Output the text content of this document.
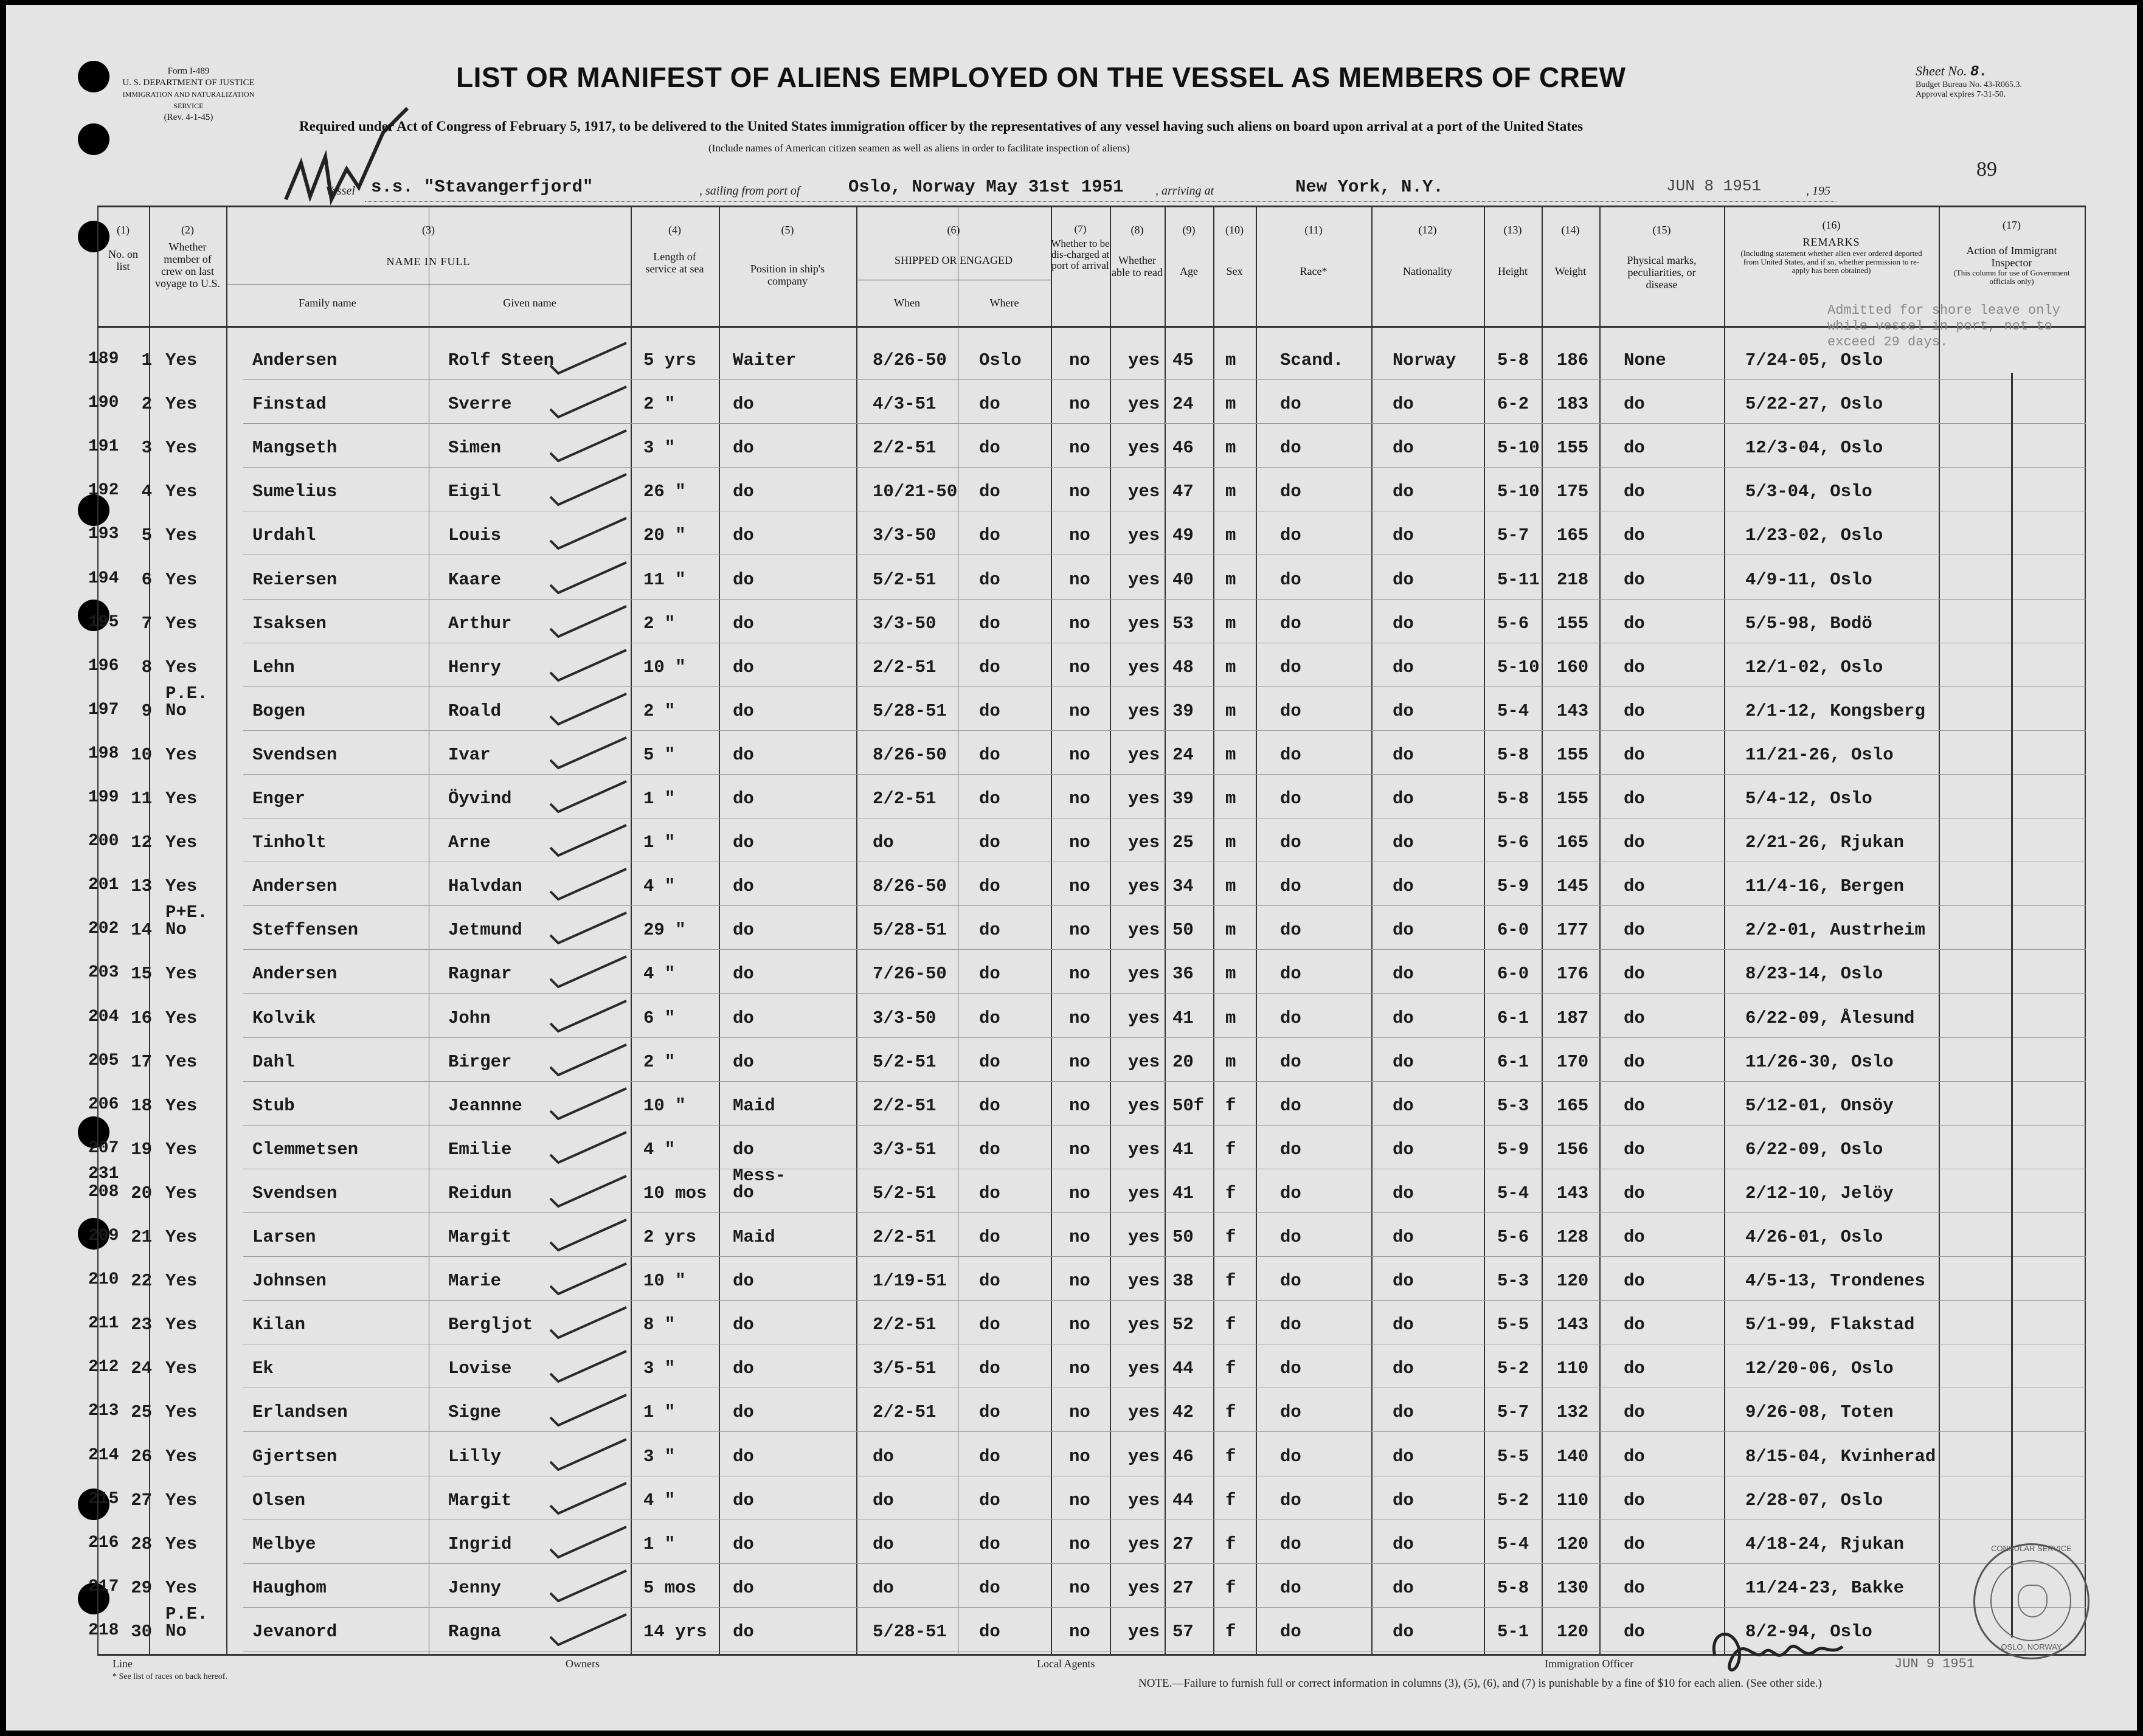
Form I-489
U. S. DEPARTMENT OF JUSTICE
IMMIGRATION AND NATURALIZATION SERVICE
(Rev. 4-1-45)
LIST OR MANIFEST OF ALIENS EMPLOYED ON THE VESSEL AS MEMBERS OF CREW	Sheet No. 8.
Budget Bureau No. 43-R065.3.
Approval expires 7-31-50.
Required under Act of Congress of February 5, 1917, to be delivered to the United States immigration officer by the representatives of any vessel having such aliens on board upon arrival at a port of the United States
(Include names of American citizen seamen as well as aliens in order to facilitate inspection of aliens)
Vessel s.s. "Stavangerfjord"	, sailing from port of	Oslo, Norway May 31st 1951	, arriving at	New York, N.Y.	JUN 8 1951	, 195
89
(1)
No. on list
(2)
Whether member of crew on last voyage to U.S.
(3)
NAME IN FULL
Family name	Given name
(4)
Length of service at sea
(5)
Position in ship's company
(6)
SHIPPED OR ENGAGED
When	Where
(7)
Whether to be dis-charged at port of arrival
(8)
Whether able to read
(9)
Age
(10)
Sex
(11)
Race*
(12)
Nationality
(13)
Height
(14)
Weight
(15)
Physical marks, peculiarities, or disease
(16)
REMARKS
(Including statement whether alien ever ordered deported from United States, and if so, whether permission to re-apply has been obtained)
(17)
Action of Immigrant Inspector
(This column for use of Government officials only)
Admitted for shore leave only while vessel in port, not to exceed 29 days.
189	1 Yes	Andersen	Rolf Steen	5 yrs	Waiter	8/26-50	Oslo	no	yes 45	m	Scand.	Norway	5-8	186	None	7/24-05, Oslo
190	2 Yes	Finstad	Sverre	2 "	do	4/3-51	do	no	yes 24	m	do	do	6-2	183	do	5/22-27, Oslo
191	3 Yes	Mangseth	Simen	3 "	do	2/2-51	do	no	yes 46	m	do	do	5-10 155	do	12/3-04, Oslo
192	4 Yes	Sumelius	Eigil	26 "	do	10/21-50	do	no	yes 47	m	do	do	5-10 175	do	5/3-04, Oslo
193	5 Yes	Urdahl	Louis	20 "	do	3/3-50	do	no	yes 49	m	do	do	5-7	165	do	1/23-02, Oslo
194	6 Yes	Reiersen	Kaare	11 "	do	5/2-51	do	no	yes 40	m	do	do	5-11 218	do	4/9-11, Oslo
195	7 Yes	Isaksen	Arthur	2 "	do	3/3-50	do	no	yes 53	m	do	do	5-6	155	do	5/5-98, Bodö
196	8 Yes	Lehn	Henry	10 "	do	2/2-51	do	no	yes 48	m	do	do	5-10 160	do	12/1-02, Oslo
197	9
P.E.
No	Bogen	Roald	2 "	do	5/28-51	do	no	yes 39	m	do	do	5-4	143	do	2/1-12, Kongsberg
198 10 Yes	Svendsen	Ivar	5 "	do	8/26-50	do	no	yes 24	m	do	do	5-8	155	do	11/21-26, Oslo
199 11 Yes	Enger	Öyvind	1 "	do	2/2-51	do	no	yes 39	m	do	do	5-8	155	do	5/4-12, Oslo
200 12 Yes	Tinholt	Arne	1 "	do	do	do	no	yes 25	m	do	do	5-6	165	do	2/21-26, Rjukan
201 13 Yes	Andersen	Halvdan	4 "	do	8/26-50	do	no	yes 34	m	do	do	5-9	145	do	11/4-16, Bergen
202 14
P+E.
No	Steffensen	Jetmund	29 "	do	5/28-51	do	no	yes 50	m	do	do	6-0	177	do	2/2-01, Austrheim
203 15 Yes	Andersen	Ragnar	4 "	do	7/26-50	do	no	yes 36	m	do	do	6-0	176	do	8/23-14, Oslo
204 16 Yes	Kolvik	John	6 "	do	3/3-50	do	no	yes 41	m	do	do	6-1	187	do	6/22-09, Ålesund
205 17 Yes	Dahl	Birger	2 "	do	5/2-51	do	no	yes 20	m	do	do	6-1	170	do	11/26-30, Oslo
206 18 Yes	Stub	Jeannne	10 "	Maid	2/2-51	do	no	yes 50f	f	do	do	5-3	165	do	5/12-01, Onsöy
207 19 Yes	Clemmetsen	Emilie	4 "	do	3/3-51	do	no	yes 41	f	do	do	5-9	156	do	6/22-09, Oslo
231
208 20 Yes	Svendsen	Reidun	10 mos
Mess-
do	5/2-51	do	no	yes 41	f	do	do	5-4	143	do	2/12-10, Jelöy
209 21 Yes	Larsen	Margit	2 yrs	Maid	2/2-51	do	no	yes 50	f	do	do	5-6	128	do	4/26-01, Oslo
210 22 Yes	Johnsen	Marie	10 "	do	1/19-51	do	no	yes 38	f	do	do	5-3	120	do	4/5-13, Trondenes
211 23 Yes	Kilan	Bergljot	8 "	do	2/2-51	do	no	yes 52	f	do	do	5-5	143	do	5/1-99, Flakstad
212 24 Yes	Ek	Lovise	3 "	do	3/5-51	do	no	yes 44	f	do	do	5-2	110	do	12/20-06, Oslo
213 25 Yes	Erlandsen	Signe	1 "	do	2/2-51	do	no	yes 42	f	do	do	5-7	132	do	9/26-08, Toten
214 26 Yes	Gjertsen	Lilly	3 "	do	do	do	no	yes 46	f	do	do	5-5	140	do	8/15-04, Kvinherad
215 27 Yes	Olsen	Margit	4 "	do	do	do	no	yes 44	f	do	do	5-2	110	do	2/28-07, Oslo
216 28 Yes	Melbye	Ingrid	1 "	do	do	do	no	yes 27	f	do	do	5-4	120	do	4/18-24, Rjukan
217 29 Yes	Haughom	Jenny	5 mos	do	do	do	no	yes 27	f	do	do	5-8	130	do	11/24-23, Bakke
218 30
P.E.
No	Jevanord	Ragna	14 yrs	do	5/28-51	do	no	yes 57	f	do	do	5-1	120	do	8/2-94, Oslo
Line	Owners	Local Agents	Immigration Officer
* See list of races on back hereof.
NOTE.—Failure to furnish full or correct information in columns (3), (5), (6), and (7) is punishable by a fine of $10 for each alien. (See other side.)
JUN 9 1951
CONSULAR SERVICE
OSLO, NORWAY
